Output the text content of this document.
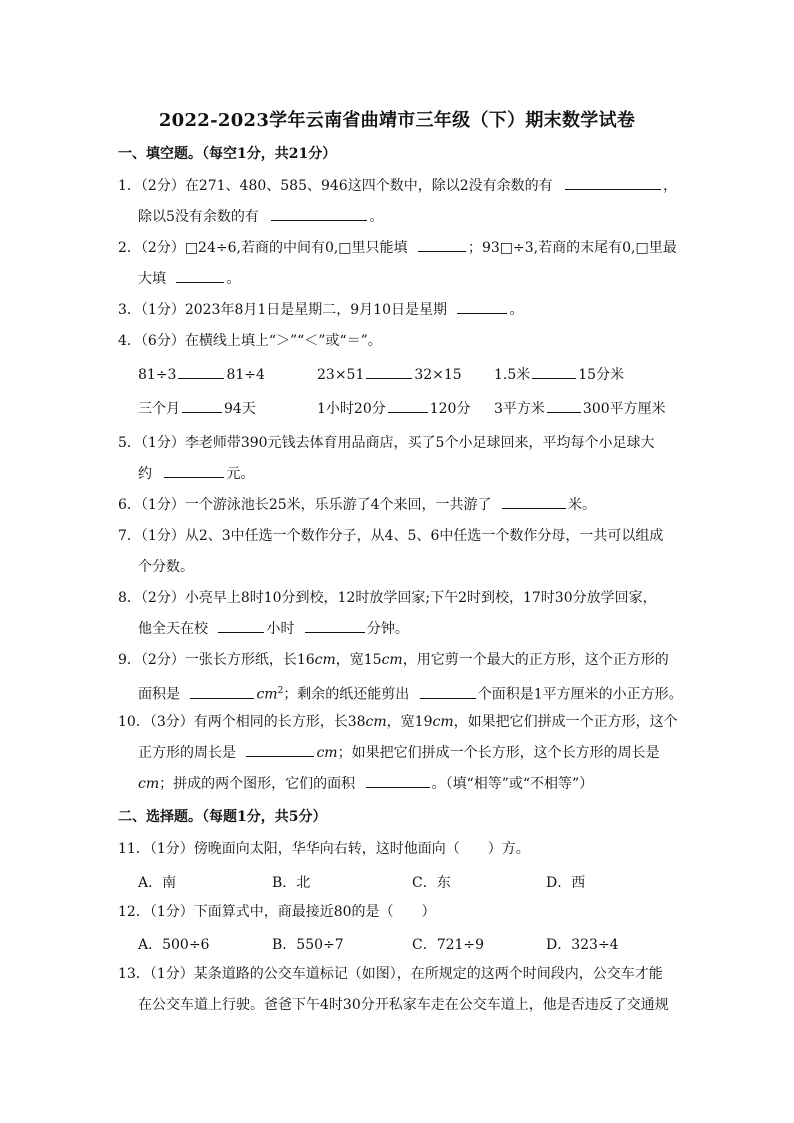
2022-2023学年云南省曲靖市三年级（下）期末数学试卷
一、填空题。（每空1分，共21分）
1．（2分）在271、480、585、946这四个数中，除以2没有余数的有	，
除以5没有余数的有	。
2．（2分）□24÷6,若商的中间有0,□里只能填	；93□÷3,若商的末尾有0,□里最
大填	。
3．（1分）2023年8月1日是星期二，9月10日是星期	。
4．（6分）在横线上填上“＞”“＜”或“＝”。
81÷3	81÷4	23×51	32×15 1.5米	15分米
三个月	94天	1小时20分	120分 3平方米	300平方厘米
5．（1分）李老师带390元钱去体育用品商店，买了5个小足球回来，平均每个小足球大
约	元。
6．（1分）一个游泳池长25米，乐乐游了4个来回，一共游了	米。
7．（1分）从2、3中任选一个数作分子，从4、5、6中任选一个数作分母，一共可以组成
个分数。
8．（2分）小亮早上8时10分到校，12时放学回家;下午2时到校，17时30分放学回家，
他全天在校	小时	分钟。
9．（2分）一张长方形纸，长16cm，宽15cm，用它剪一个最大的正方形，这个正方形的
面积是	$cm^2$；剩余的纸还能剪出	个面积是1平方厘米的小正方形。
10．（3分）有两个相同的长方形，长38cm，宽19cm，如果把它们拼成一个正方形，这个
正方形的周长是	cm；如果把它们拼成一个长方形，这个长方形的周长是
cm；拼成的两个图形，它们的面积	。（填“相等”或“不相等”）
二、选择题。（每题1分，共5分）
11．（1分）傍晚面向太阳，华华向右转，这时他面向（　　）方。
A．南	B．北	C．东	D．西
12．（1分）下面算式中，商最接近80的是（　　）
A．500÷6	B．550÷7	C．721÷9	D．323÷4
13．（1分）某条道路的公交车道标记（如图），在所规定的这两个时间段内，公交车才能
在公交车道上行驶。爸爸下午4时30分开私家车走在公交车道上，他是否违反了交通规
